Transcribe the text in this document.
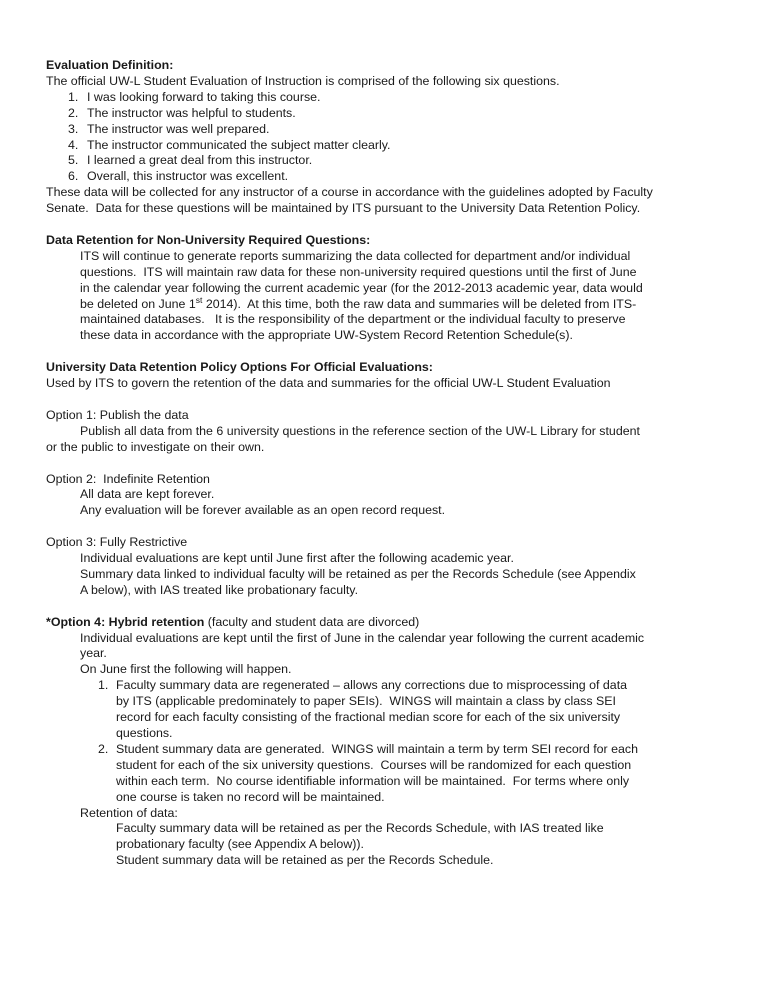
Evaluation Definition:
The official UW-L Student Evaluation of Instruction is comprised of the following six questions.
1. I was looking forward to taking this course.
2. The instructor was helpful to students.
3. The instructor was well prepared.
4. The instructor communicated the subject matter clearly.
5. I learned a great deal from this instructor.
6. Overall, this instructor was excellent.
These data will be collected for any instructor of a course in accordance with the guidelines adopted by Faculty
Senate.  Data for these questions will be maintained by ITS pursuant to the University Data Retention Policy.
Data Retention for Non-University Required Questions:
ITS will continue to generate reports summarizing the data collected for department and/or individual
questions.  ITS will maintain raw data for these non-university required questions until the first of June
in the calendar year following the current academic year (for the 2012-2013 academic year, data would
be deleted on June 1st 2014).  At this time, both the raw data and summaries will be deleted from ITS-
maintained databases.   It is the responsibility of the department or the individual faculty to preserve
these data in accordance with the appropriate UW-System Record Retention Schedule(s).
University Data Retention Policy Options For Official Evaluations:
Used by ITS to govern the retention of the data and summaries for the official UW-L Student Evaluation
Option 1: Publish the data
Publish all data from the 6 university questions in the reference section of the UW-L Library for student
or the public to investigate on their own.
Option 2:  Indefinite Retention
All data are kept forever.
Any evaluation will be forever available as an open record request.
Option 3: Fully Restrictive
Individual evaluations are kept until June first after the following academic year.
Summary data linked to individual faculty will be retained as per the Records Schedule (see Appendix
A below), with IAS treated like probationary faculty.
*Option 4: Hybrid retention (faculty and student data are divorced)
Individual evaluations are kept until the first of June in the calendar year following the current academic
year.
On June first the following will happen.
1. Faculty summary data are regenerated – allows any corrections due to misprocessing of data
by ITS (applicable predominately to paper SEIs).  WINGS will maintain a class by class SEI
record for each faculty consisting of the fractional median score for each of the six university
questions.
2. Student summary data are generated.  WINGS will maintain a term by term SEI record for each
student for each of the six university questions.  Courses will be randomized for each question
within each term.  No course identifiable information will be maintained.  For terms where only
one course is taken no record will be maintained.
Retention of data:
Faculty summary data will be retained as per the Records Schedule, with IAS treated like
probationary faculty (see Appendix A below)).
Student summary data will be retained as per the Records Schedule.
